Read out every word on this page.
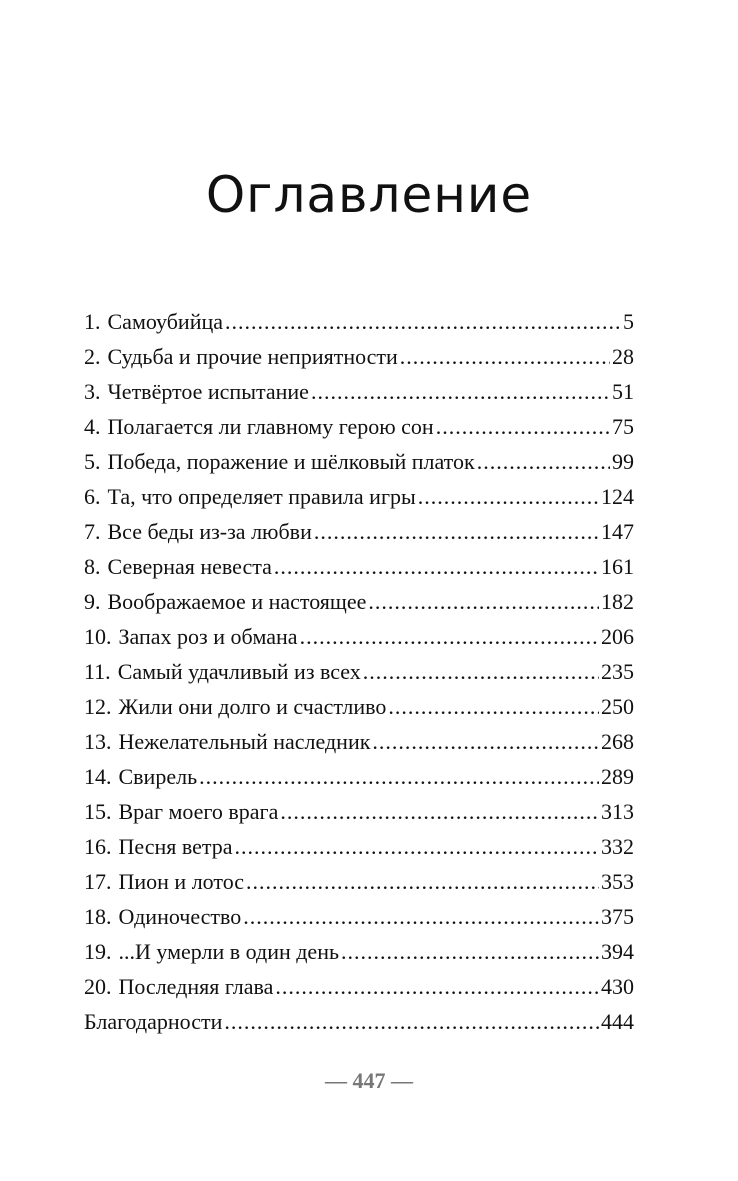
Оглавление
1. Самоубийца .....	5
2. Судьба и прочие неприятности .....	28
3. Четвёртое испытание .....	51
4. Полагается ли главному герою сон .....	75
5. Победа, поражение и шёлковый платок .....	99
6. Та, что определяет правила игры .....	124
7. Все беды из-за любви .....	147
8. Северная невеста .....	161
9. Воображаемое и настоящее .....	182
10. Запах роз и обмана .....	206
11. Самый удачливый из всех .....	235
12. Жили они долго и счастливо .....	250
13. Нежелательный наследник .....	268
14. Свирель .....	289
15. Враг моего врага .....	313
16. Песня ветра .....	332
17. Пион и лотос .....	353
18. Одиночество .....	375
19. ...И умерли в один день .....	394
20. Последняя глава .....	430
Благодарности .....	444
— 447 —
